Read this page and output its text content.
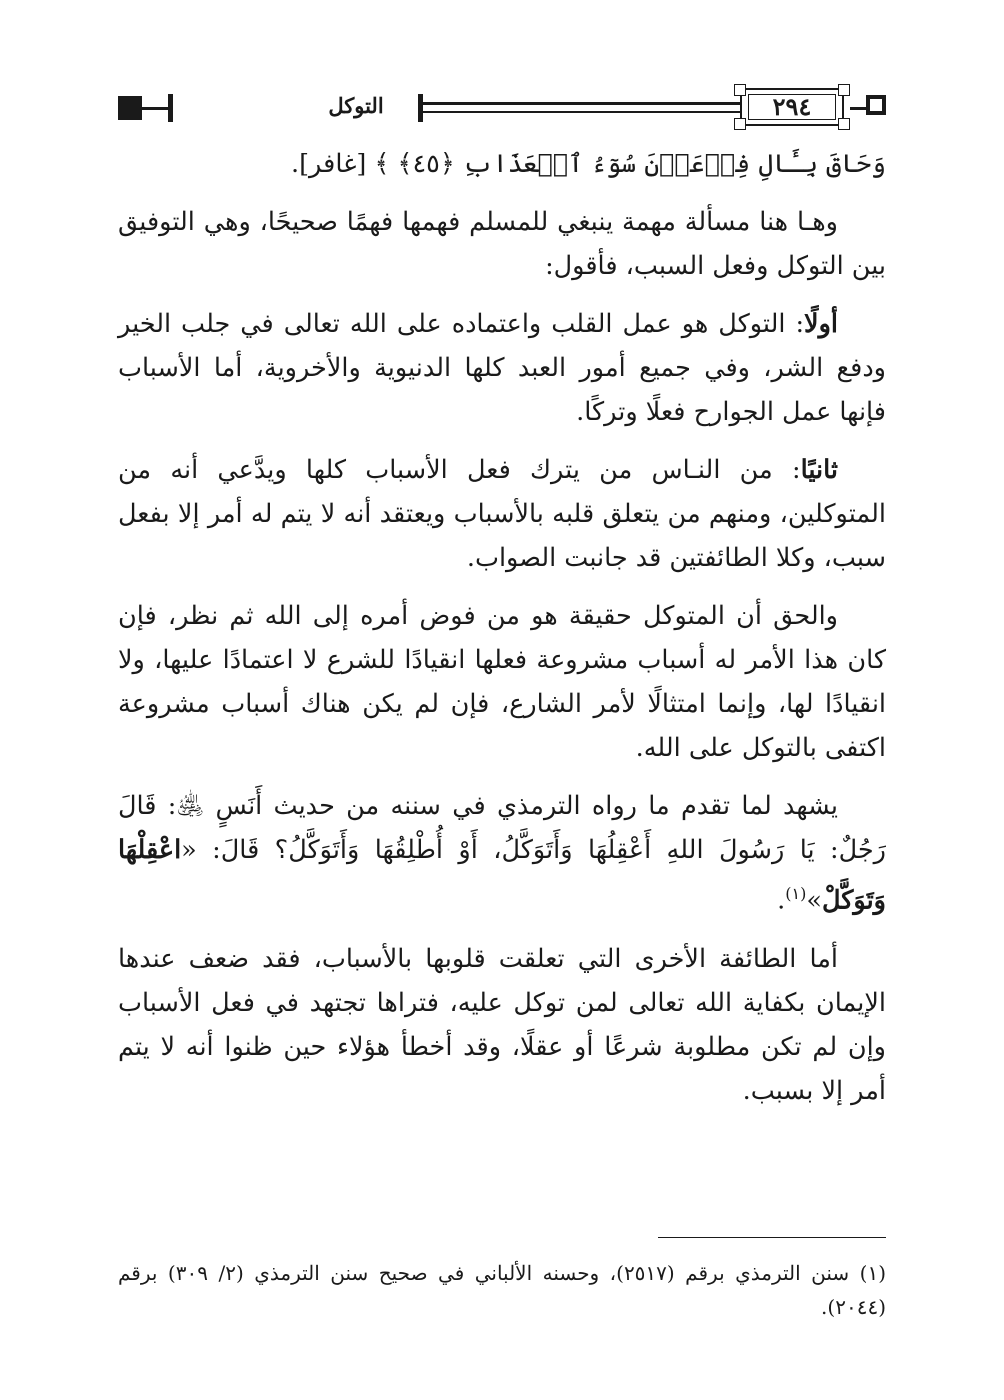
التوكل	٢٩٤

وَحَاقَ بِـَٔالِ فِرۡعَوۡنَ سُوٓءُ ٱلۡعَذَابِ ﴿٤٥﴾ ﴾ [غافر].

وهـا هنا مسألة مهمة ينبغي للمسلم فهمها فهمًا صحيحًا، وهي التوفيق بين التوكل وفعل السبب، فأقول:

أولًا: التوكل هو عمل القلب واعتماده على الله تعالى في جلب الخير ودفع الشر، وفي جميع أمور العبد كلها الدنيوية والأخروية، أما الأسباب فإنها عمل الجوارح فعلًا وتركًا.

ثانيًا: من النـاس من يترك فعل الأسباب كلها ويدَّعي أنه من المتوكلين، ومنهم من يتعلق قلبه بالأسباب ويعتقد أنه لا يتم له أمر إلا بفعل سبب، وكلا الطائفتين قد جانبت الصواب.

والحق أن المتوكل حقيقة هو من فوض أمره إلى الله ثم نظر، فإن كان هذا الأمر له أسباب مشروعة فعلها انقيادًا للشرع لا اعتمادًا عليها، ولا انقيادًا لها، وإنما امتثالًا لأمر الشارع، فإن لم يكن هناك أسباب مشروعة اكتفى بالتوكل على الله.

يشهد لما تقدم ما رواه الترمذي في سننه من حديث أَنَسٍ ﵁: قَالَ رَجُلٌ: يَا رَسُولَ اللهِ أَعْقِلُهَا وَأَتَوَكَّلُ، أَوْ أُطْلِقُهَا وَأَتَوَكَّلُ؟ قَالَ: «اعْقِلْهَا وَتَوَكَّلْ»$^{(١)}$.

أما الطائفة الأخرى التي تعلقت قلوبها بالأسباب، فقد ضعف عندها الإيمان بكفاية الله تعالى لمن توكل عليه، فتراها تجتهد في فعل الأسباب وإن لم تكن مطلوبة شرعًا أو عقلًا، وقد أخطأ هؤلاء حين ظنوا أنه لا يتم أمر إلا بسبب.

(١) سنن الترمذي برقم (٢٥١٧)، وحسنه الألباني في صحيح سنن الترمذي (٢/ ٣٠٩) برقم (٢٠٤٤).
